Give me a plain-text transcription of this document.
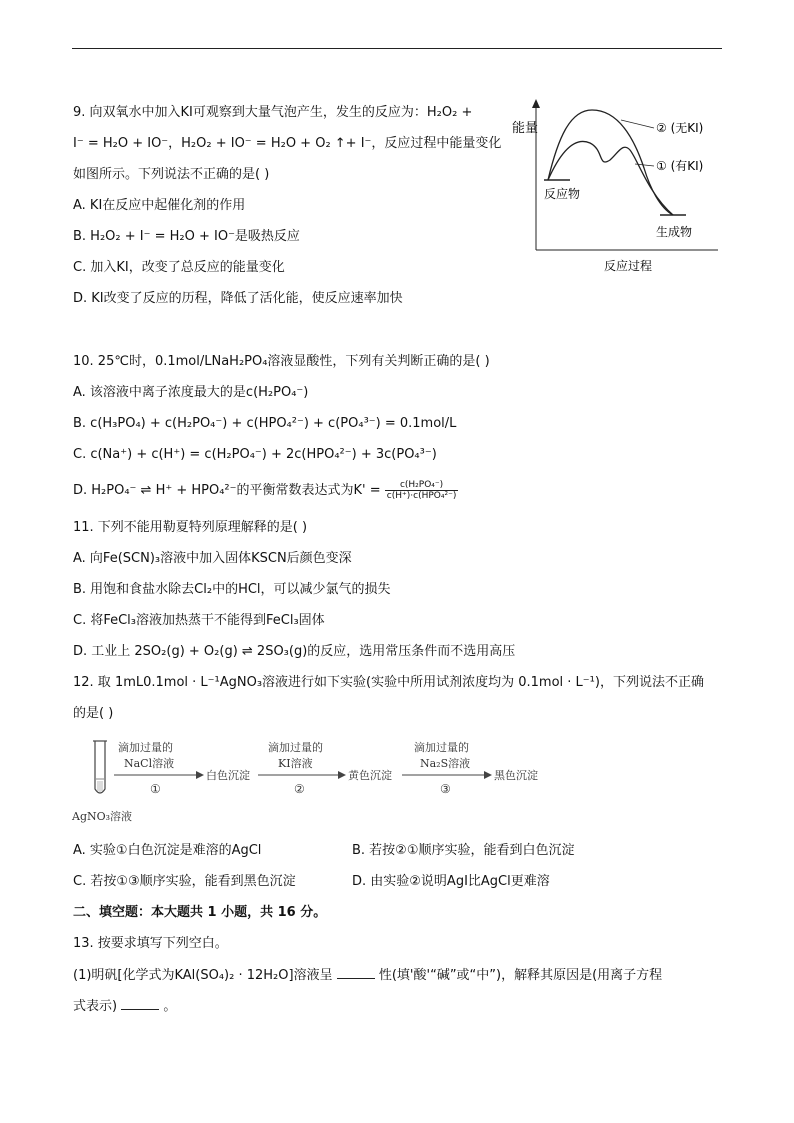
9. 向双氧水中加入KI可观察到大量气泡产生，发生的反应为：H₂O₂ +
I⁻ = H₂O + IO⁻，H₂O₂ + IO⁻ = H₂O + O₂ ↑+ I⁻，反应过程中能量变化
如图所示。下列说法不正确的是( )
A. KI在反应中起催化剂的作用
B. H₂O₂ + I⁻ = H₂O + IO⁻是吸热反应
C. 加入KI，改变了总反应的能量变化
D. KI改变了反应的历程，降低了活化能，使反应速率加快
能量	② (无KI)
① (有KI)
反应物
生成物
反应过程
10. 25℃时，0.1mol/LNaH₂PO₄溶液显酸性，下列有关判断正确的是( )
A. 该溶液中离子浓度最大的是c(H₂PO₄⁻)
B. c(H₃PO₄) + c(H₂PO₄⁻) + c(HPO₄²⁻) + c(PO₄³⁻) = 0.1mol/L
C. c(Na⁺) + c(H⁺) = c(H₂PO₄⁻) + 2c(HPO₄²⁻) + 3c(PO₄³⁻)
D. H₂PO₄⁻ ⇌ H⁺ + HPO₄²⁻的平衡常数表达式为$K' = \frac{\text{c(H₂PO₄⁻)}}{\text{c(H⁺)·c(HPO₄²⁻)}}$
11. 下列不能用勒夏特列原理解释的是( )
A. 向Fe(SCN)₃溶液中加入固体KSCN后颜色变深
B. 用饱和食盐水除去Cl₂中的HCl，可以减少氯气的损失
C. 将FeCl₃溶液加热蒸干不能得到FeCl₃固体
D. 工业上 2SO₂(g) + O₂(g) ⇌ 2SO₃(g)的反应，选用常压条件而不选用高压
12. 取 1mL0.1mol · L⁻¹AgNO₃溶液进行如下实验(实验中所用试剂浓度均为 0.1mol · L⁻¹)，下列说法不正确
的是( )
AgNO₃溶液
滴加过量的
NaCl溶液
①
白色沉淀
滴加过量的
KI溶液
②
黄色沉淀
滴加过量的
Na₂S溶液
③
黑色沉淀
A. 实验①白色沉淀是难溶的AgCl	B. 若按②①顺序实验，能看到白色沉淀
C. 若按①③顺序实验，能看到黑色沉淀	D. 由实验②说明AgI比AgCl更难溶
二、填空题：本大题共 1 小题，共 16 分。
13. 按要求填写下列空白。
(1)明矾[化学式为KAl(SO₄)₂ · 12H₂O]溶液呈	性(填'酸'“碱”或“中”)，解释其原因是(用离子方程
式表示)	。
